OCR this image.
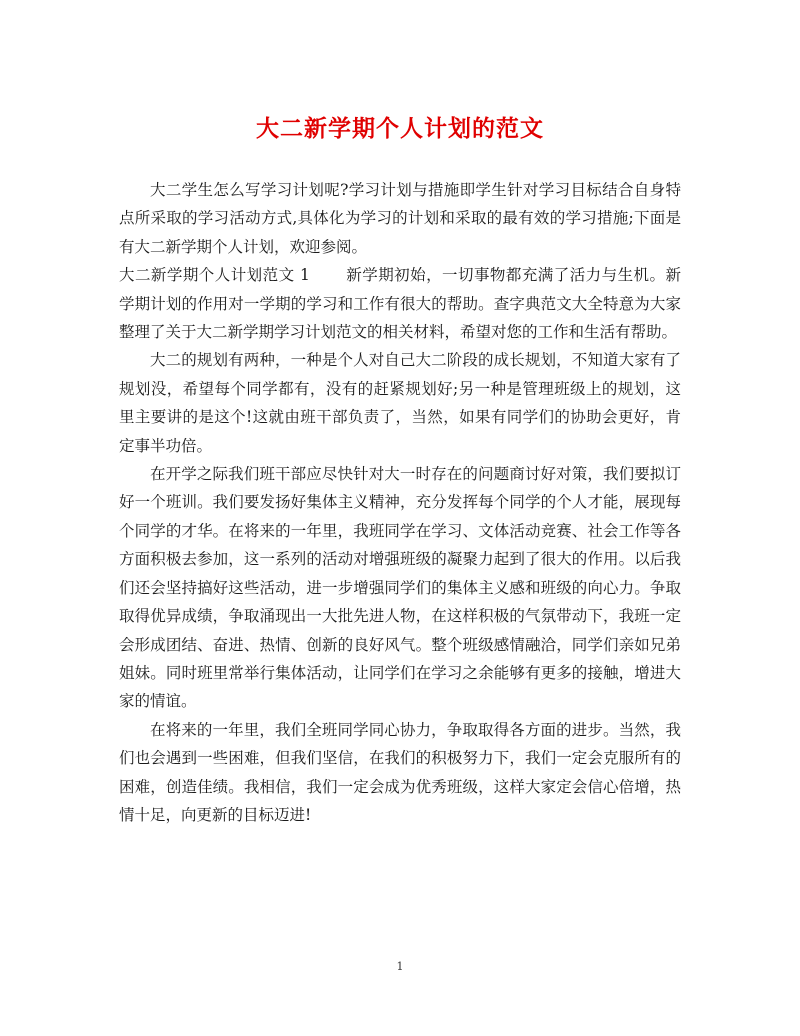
大二新学期个人计划的范文

大二学生怎么写学习计划呢?学习计划与措施即学生针对学习目标结合自身特点所采取的学习活动方式,具体化为学习的计划和采取的最有效的学习措施;下面是有大二新学期个人计划，欢迎参阅。

大二新学期个人计划范文 1 新学期初始，一切事物都充满了活力与生机。新学期计划的作用对一学期的学习和工作有很大的帮助。查字典范文大全特意为大家整理了关于大二新学期学习计划范文的相关材料，希望对您的工作和生活有帮助。

大二的规划有两种，一种是个人对自己大二阶段的成长规划，不知道大家有了规划没，希望每个同学都有，没有的赶紧规划好;另一种是管理班级上的规划，这里主要讲的是这个!这就由班干部负责了，当然，如果有同学们的协助会更好，肯定事半功倍。

在开学之际我们班干部应尽快针对大一时存在的问题商讨好对策，我们要拟订好一个班训。我们要发扬好集体主义精神，充分发挥每个同学的个人才能，展现每个同学的才华。在将来的一年里，我班同学在学习、文体活动竞赛、社会工作等各方面积极去参加，这一系列的活动对增强班级的凝聚力起到了很大的作用。以后我们还会坚持搞好这些活动，进一步增强同学们的集体主义感和班级的向心力。争取取得优异成绩，争取涌现出一大批先进人物，在这样积极的气氛带动下，我班一定会形成团结、奋进、热情、创新的良好风气。整个班级感情融洽，同学们亲如兄弟姐妹。同时班里常举行集体活动，让同学们在学习之余能够有更多的接触，增进大家的情谊。

在将来的一年里，我们全班同学同心协力，争取取得各方面的进步。当然，我们也会遇到一些困难，但我们坚信，在我们的积极努力下，我们一定会克服所有的困难，创造佳绩。我相信，我们一定会成为优秀班级，这样大家定会信心倍增，热情十足，向更新的目标迈进!

1
